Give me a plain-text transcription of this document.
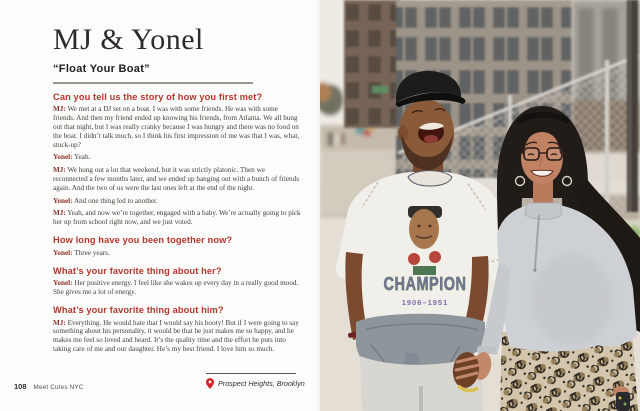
MJ & Yonel
“Float Your Boat”
Can you tell us the story of how you first met?

MJ: We met at a DJ set on a boat. I was with some friends. He was with some friends. And then my friend ended up knowing his friends, from Atlanta. We all hung out that night, but I was really cranky because I was hungry and there was no food on the boat. I didn’t talk much, so I think his first impression of me was that I was, what, stuck-up?

Yonel: Yeah.

MJ: We hung out a lot that weekend, but it was strictly platonic. Then we reconnected a few months later, and we ended up hanging out with a bunch of friends again. And the two of us were the last ones left at the end of the night.

Yonel: And one thing led to another.

MJ: Yeah, and now we’re together, engaged with a baby. We’re actually going to pick her up from school right now, and we just voted.

How long have you been together now?

Yonel: Three years.

What’s your favorite thing about her?

Yonel: Her positive energy. I feel like she wakes up every day in a really good mood. She gives me a lot of energy.

What’s your favorite thing about him?

MJ: Everything. He would hate that I would say his booty! But if I were going to say something about his personality, it would be that he just makes me so happy, and he makes me feel so loved and heard. It’s the quality time and the effort he puts into taking care of me and our daughter. He’s my best friend. I love him so much.

108 Meet Cutes NYC	Prospect Heights, Brooklyn
CHAMPION
1906–1951
